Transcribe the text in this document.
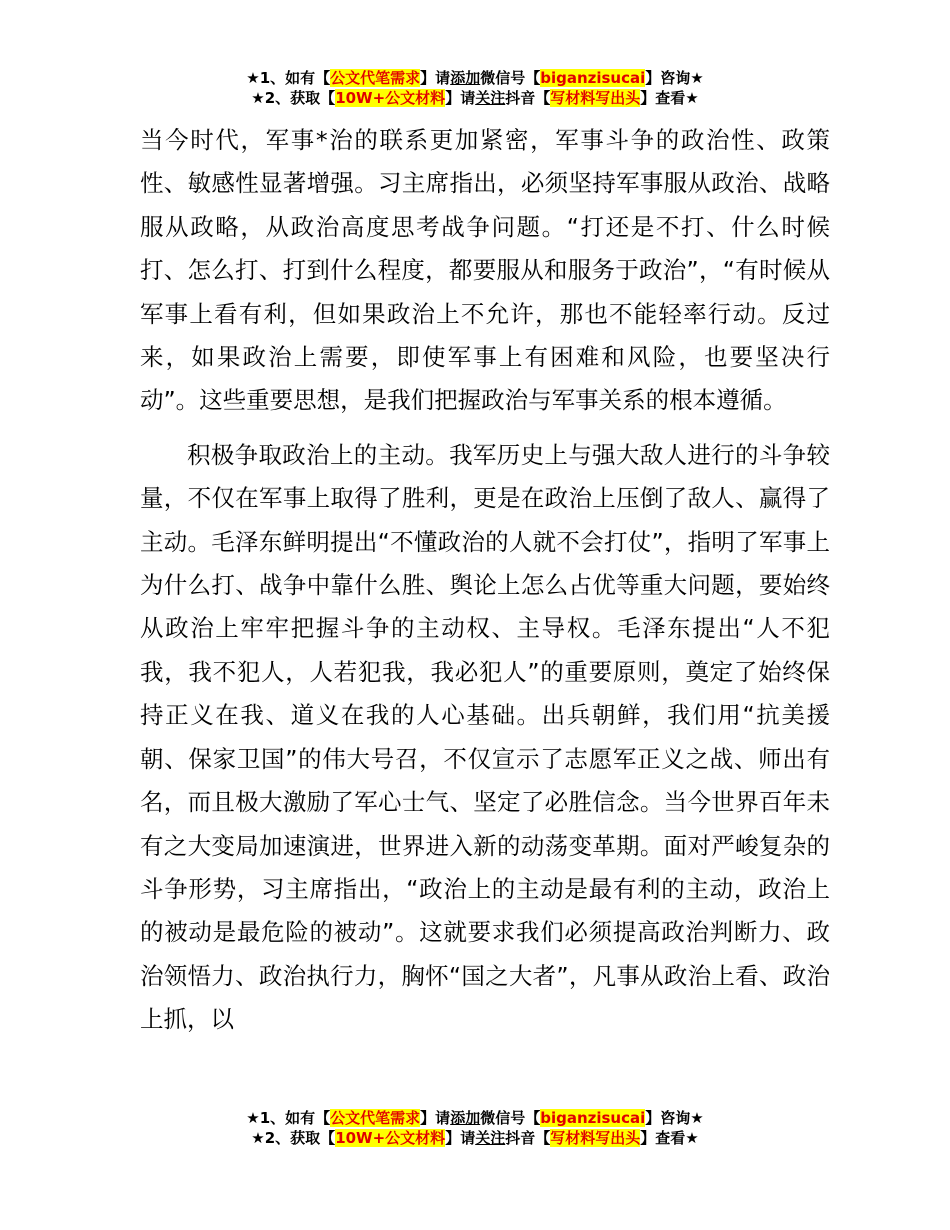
★1、如有【公文代笔需求】请添加微信号【biganzisucai】咨询★
★2、获取【10W+公文材料】请关注抖音【写材料写出头】查看★

当今时代，军事*治的联系更加紧密，军事斗争的政治性、政策性、敏感性显著增强。习主席指出，必须坚持军事服从政治、战略服从政略，从政治高度思考战争问题。“打还是不打、什么时候打、怎么打、打到什么程度，都要服从和服务于政治”，“有时候从军事上看有利，但如果政治上不允许，那也不能轻率行动。反过来，如果政治上需要，即使军事上有困难和风险，也要坚决行动”。这些重要思想，是我们把握政治与军事关系的根本遵循。

积极争取政治上的主动。我军历史上与强大敌人进行的斗争较量，不仅在军事上取得了胜利，更是在政治上压倒了敌人、赢得了主动。毛泽东鲜明提出“不懂政治的人就不会打仗”，指明了军事上为什么打、战争中靠什么胜、舆论上怎么占优等重大问题，要始终从政治上牢牢把握斗争的主动权、主导权。毛泽东提出“人不犯我，我不犯人，人若犯我，我必犯人”的重要原则，奠定了始终保持正义在我、道义在我的人心基础。出兵朝鲜，我们用“抗美援朝、保家卫国”的伟大号召，不仅宣示了志愿军正义之战、师出有名，而且极大激励了军心士气、坚定了必胜信念。当今世界百年未有之大变局加速演进，世界进入新的动荡变革期。面对严峻复杂的斗争形势，习主席指出，“政治上的主动是最有利的主动，政治上的被动是最危险的被动”。这就要求我们必须提高政治判断力、政治领悟力、政治执行力，胸怀“国之大者”，凡事从政治上看、政治上抓，以

★1、如有【公文代笔需求】请添加微信号【biganzisucai】咨询★
★2、获取【10W+公文材料】请关注抖音【写材料写出头】查看★
